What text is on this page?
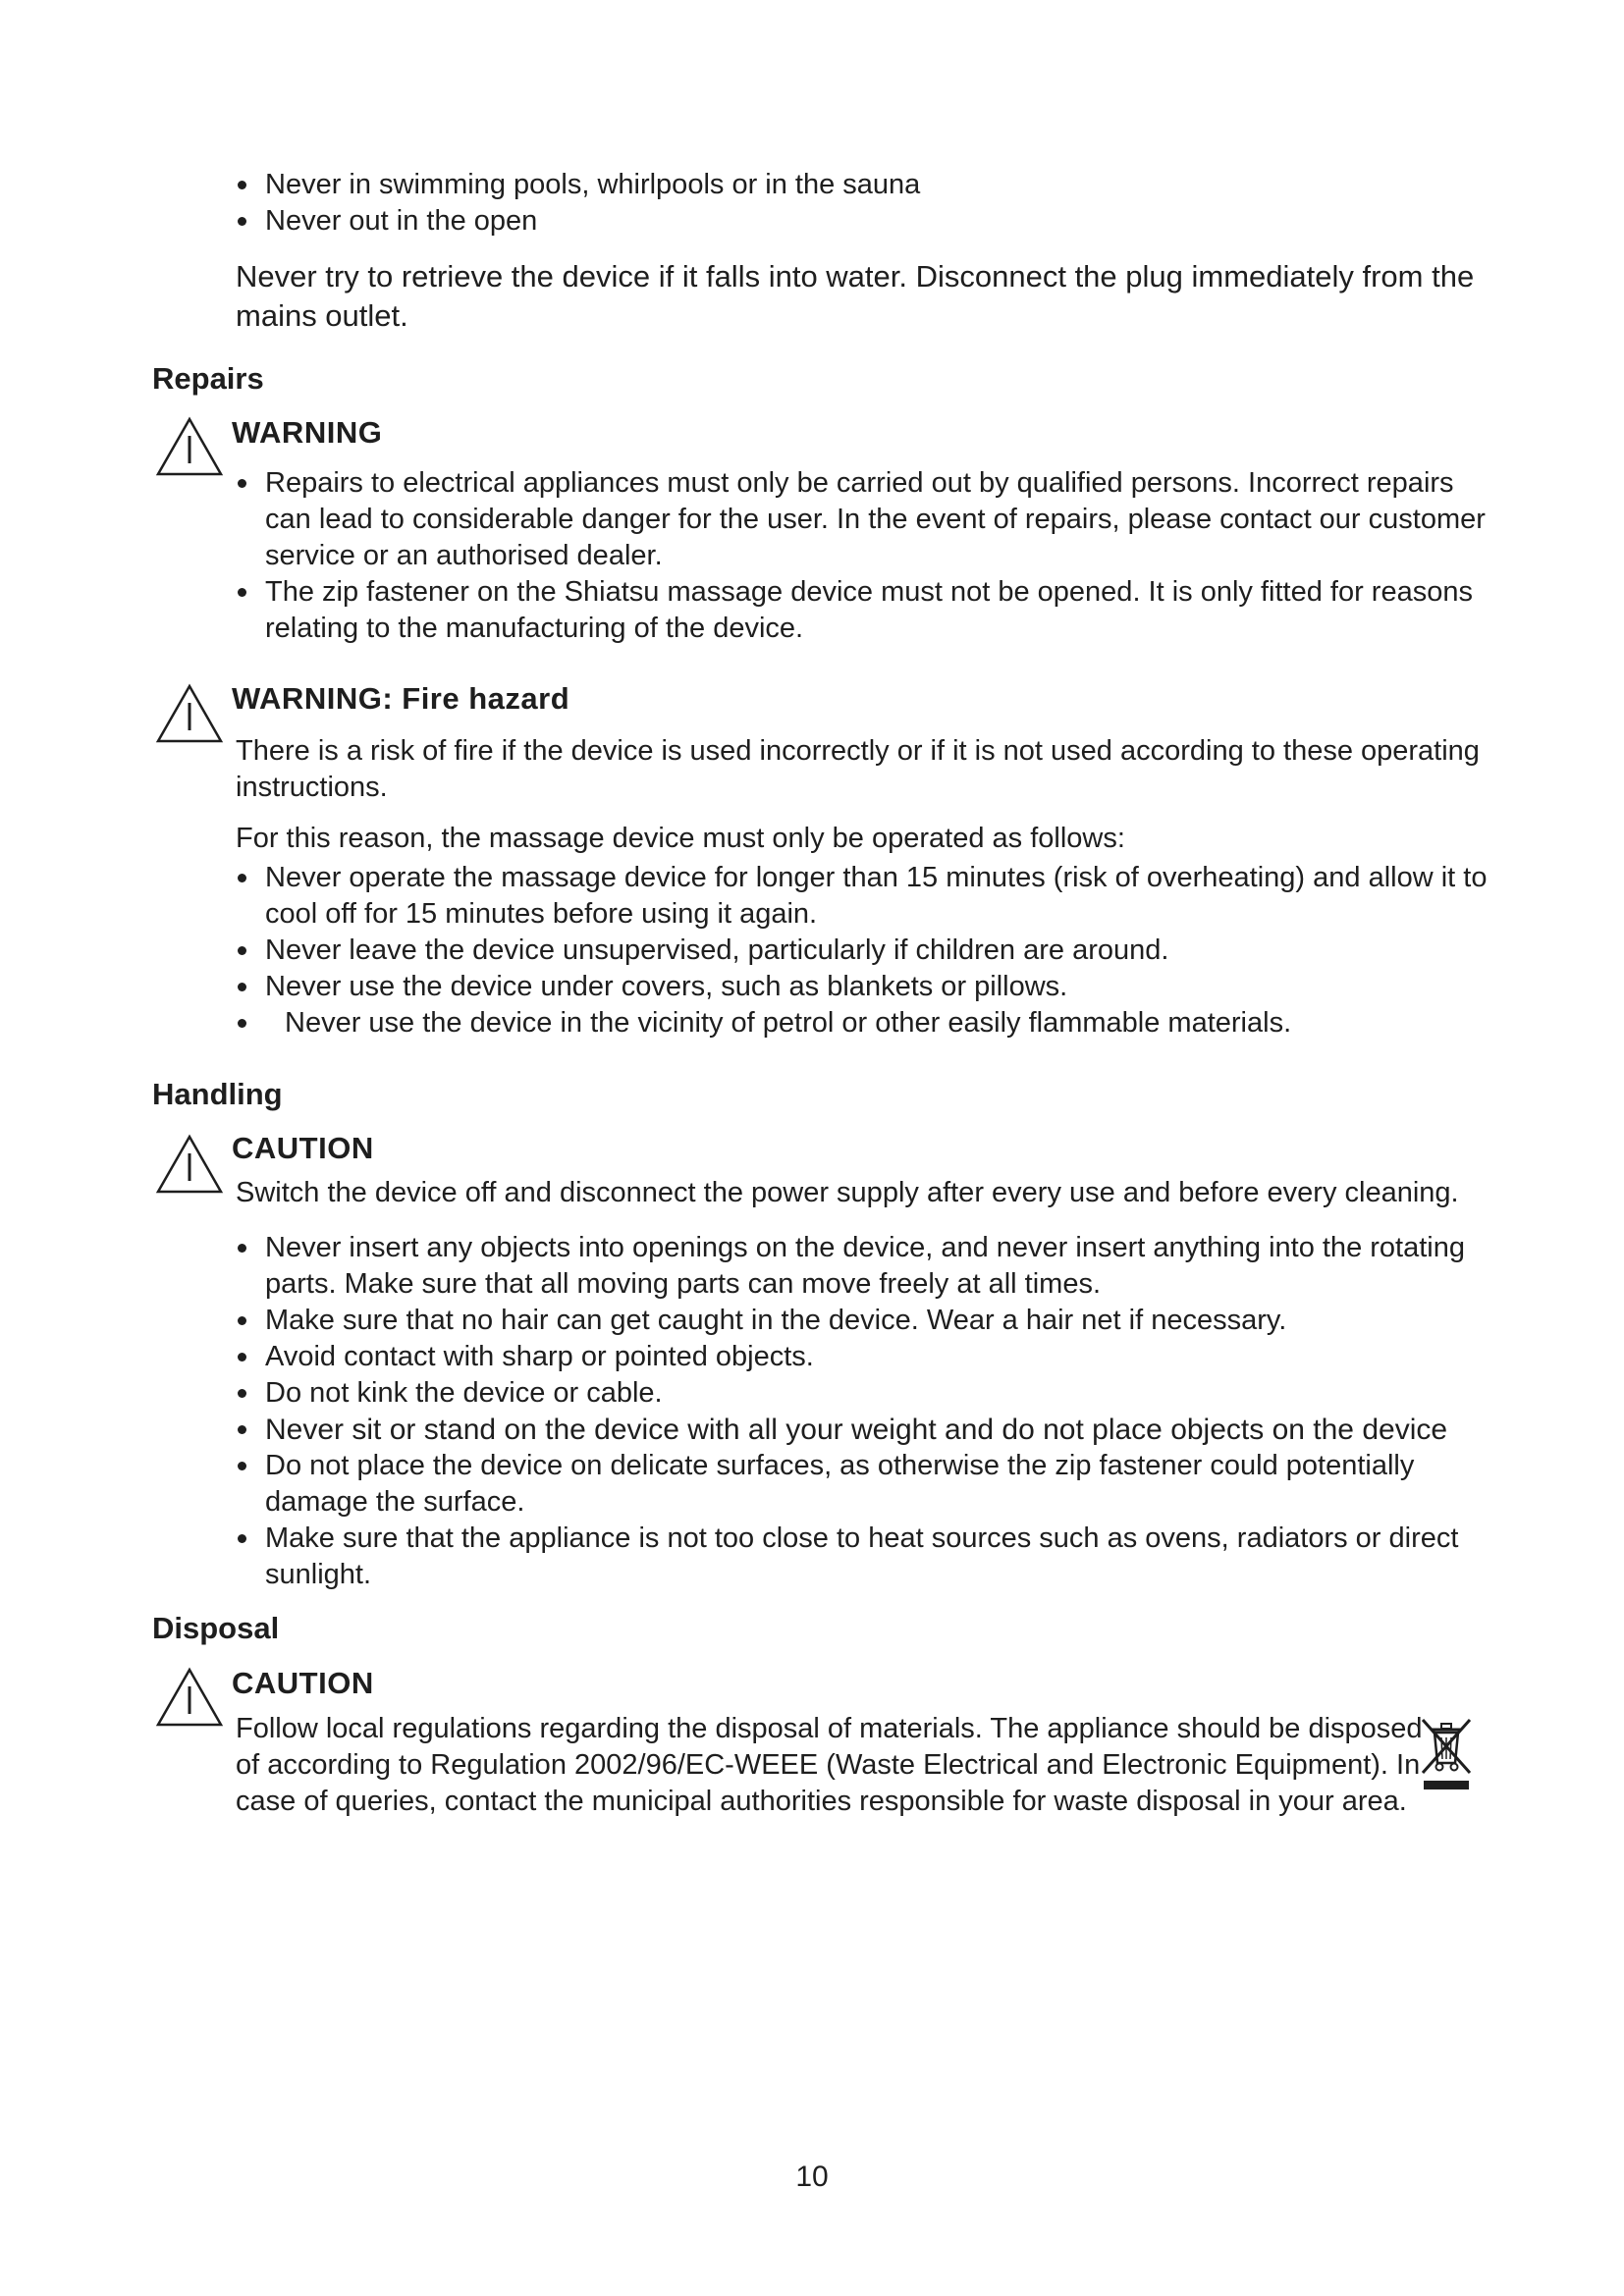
Never in swimming pools, whirlpools or in the sauna
Never out in the open

Never try to retrieve the device if it falls into water. Disconnect the plug immediately from the mains outlet.

Repairs
WARNING
Repairs to electrical appliances must only be carried out by qualified persons. Incorrect repairs can lead to considerable danger for the user. In the event of repairs, please contact our customer service or an authorised dealer.
The zip fastener on the Shiatsu massage device must not be opened. It is only fitted for reasons relating to the manufacturing of the device.
WARNING: Fire hazard

There is a risk of fire if the device is used incorrectly or if it is not used according to these operating instructions.

For this reason, the massage device must only be operated as follows:

Never operate the massage device for longer than 15 minutes (risk of overheating) and allow it to cool off for 15 minutes before using it again.
Never leave the device unsupervised, particularly if children are around.
Never use the device under covers, such as blankets or pillows.
Never use the device in the vicinity of petrol or other easily flammable materials.
Handling
CAUTION

Switch the device off and disconnect the power supply after every use and before every cleaning.

Never insert any objects into openings on the device, and never insert anything into the rotating parts. Make sure that all moving parts can move freely at all times.
Make sure that no hair can get caught in the device. Wear a hair net if necessary.
Avoid contact with sharp or pointed objects.
Do not kink the device or cable.
Never sit or stand on the device with all your weight and do not place objects on the device
Do not place the device on delicate surfaces, as otherwise the zip fastener could potentially damage the surface.
Make sure that the appliance is not too close to heat sources such as ovens, radiators or direct sunlight.
Disposal
CAUTION

Follow local regulations regarding the disposal of materials. The appliance should be disposed of according to Regulation 2002/96/EC-WEEE (Waste Electrical and Electronic Equipment). In case of queries, contact the municipal authorities responsible for waste disposal in your area.

10
